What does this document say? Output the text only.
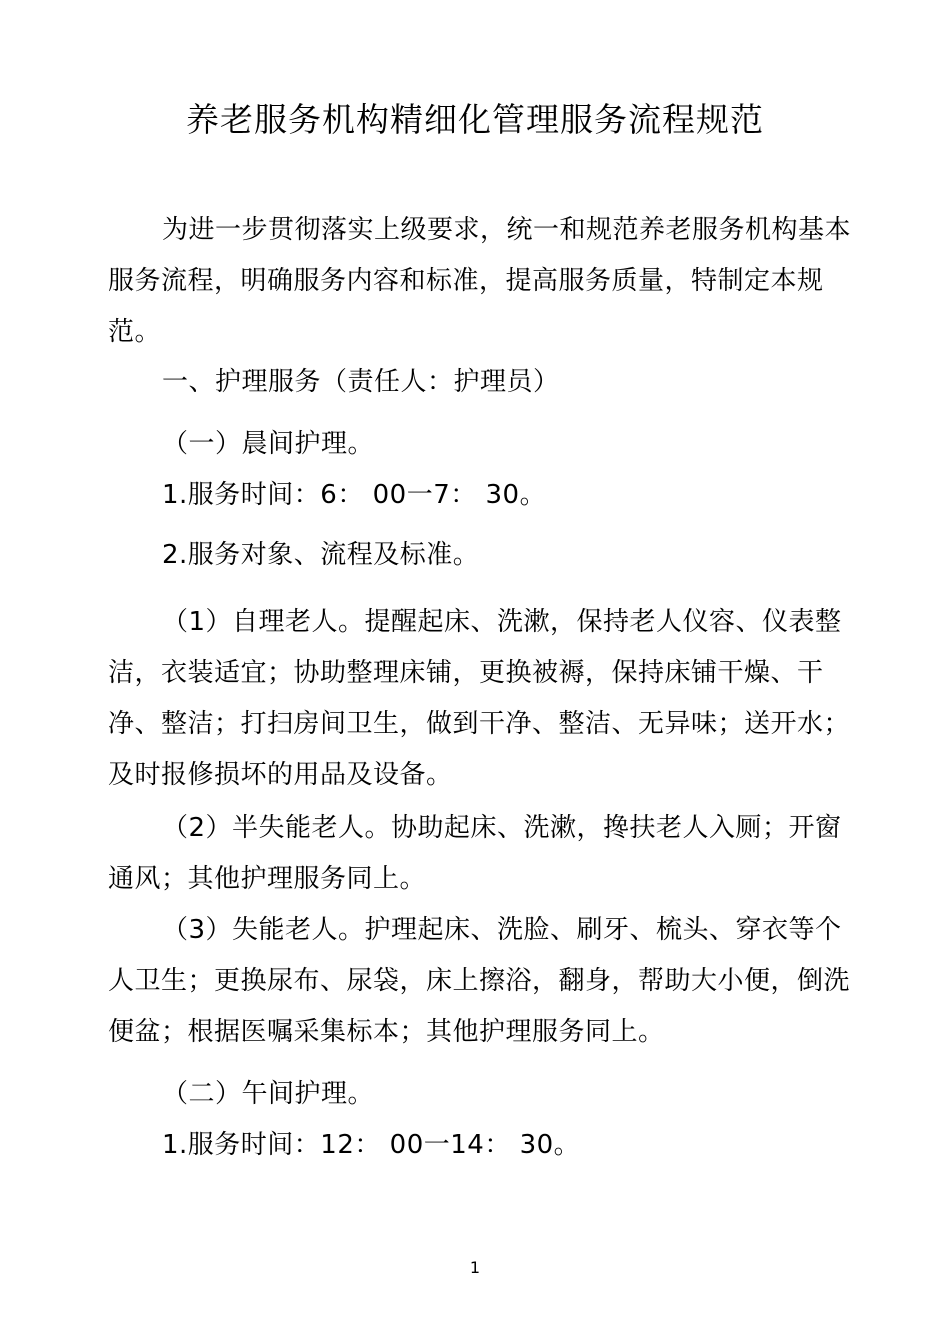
养老服务机构精细化管理服务流程规范

为进一步贯彻落实上级要求，统一和规范养老服务机构基本服务流程，明确服务内容和标准，提高服务质量，特制定本规范。

一、护理服务（责任人：护理员）

（一）晨间护理。

1.服务时间：6： 00一7： 30。

2.服务对象、流程及标准。

（1）自理老人。提醒起床、洗漱，保持老人仪容、仪表整洁，衣装适宜；协助整理床铺，更换被褥，保持床铺干燥、干净、整洁；打扫房间卫生，做到干净、整洁、无异味；送开水；及时报修损坏的用品及设备。

（2）半失能老人。协助起床、洗漱，搀扶老人入厕；开窗通风；其他护理服务同上。

（3）失能老人。护理起床、洗脸、刷牙、梳头、穿衣等个人卫生；更换尿布、尿袋，床上擦浴，翻身，帮助大小便，倒洗便盆；根据医嘱采集标本；其他护理服务同上。

（二）午间护理。

1.服务时间：12： 00一14： 30。

1
